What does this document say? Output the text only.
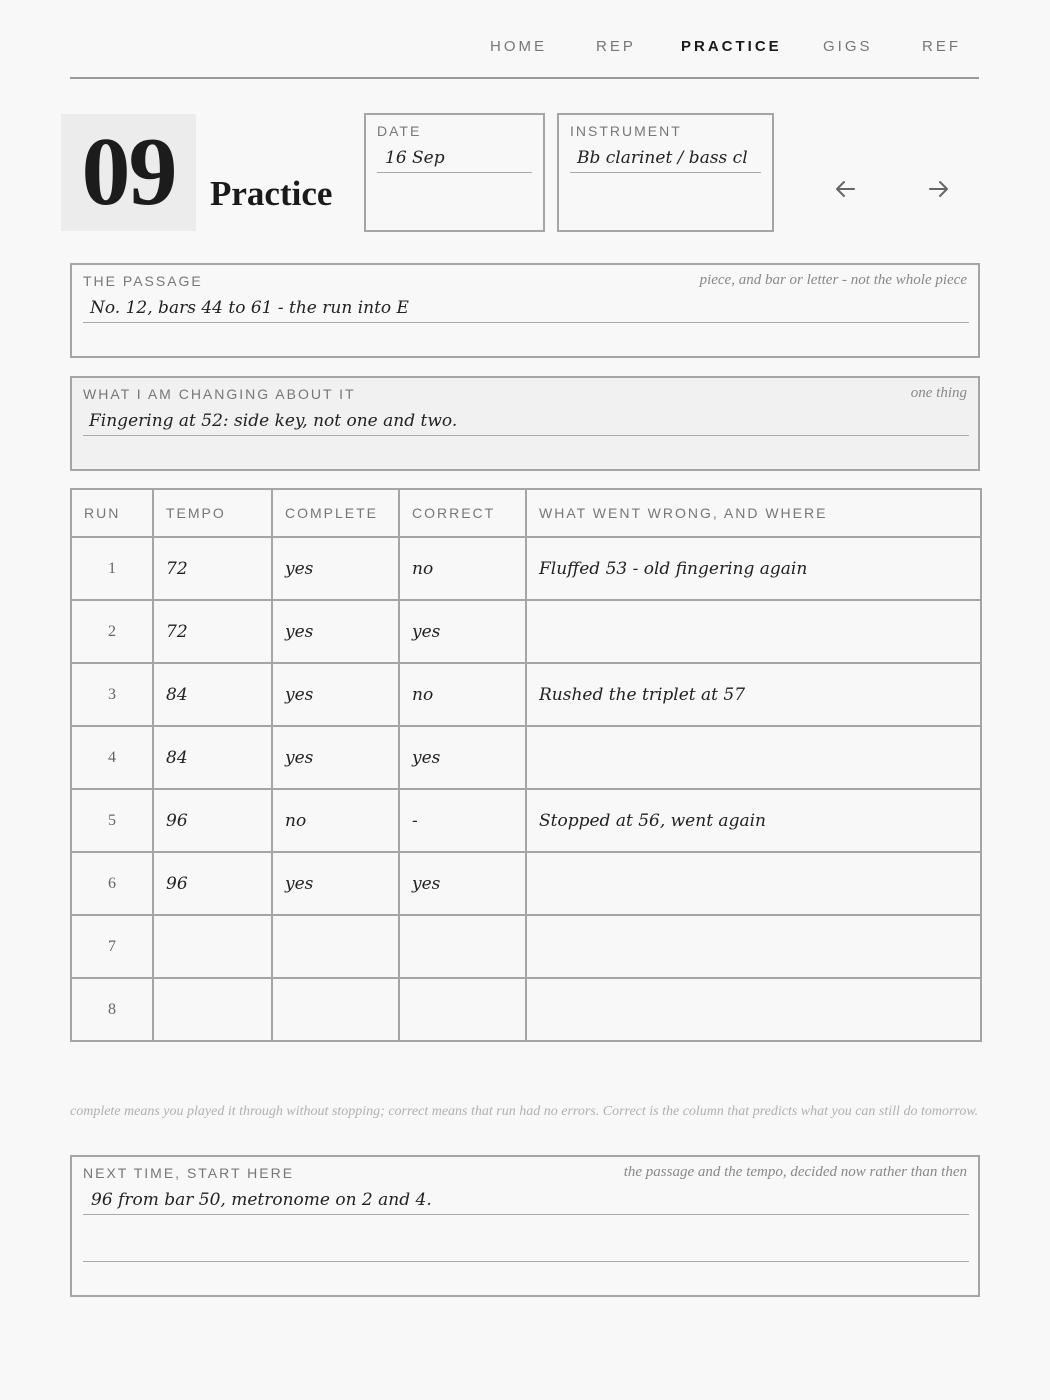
HOME	REP	PRACTICE	GIGS	REF
09 Practice
DATE
16 Sep
INSTRUMENT
Bb clarinet / bass cl
THE PASSAGE	piece, and bar or letter - not the whole piece
No. 12, bars 44 to 61 - the run into E
WHAT I AM CHANGING ABOUT IT	one thing
Fingering at 52: side key, not one and two.
RUN	TEMPO	COMPLETE	CORRECT	WHAT WENT WRONG, AND WHERE
1	72	yes	no	Fluffed 53 - old fingering again
2	72	yes	yes	
3	84	yes	no	Rushed the triplet at 57
4	84	yes	yes	
5	96	no	-	Stopped at 56, went again
6	96	yes	yes	
7				
8				
complete means you played it through without stopping; correct means that run had no errors. Correct is the column that predicts what you can still do tomorrow.
NEXT TIME, START HERE	the passage and the tempo, decided now rather than then
96 from bar 50, metronome on 2 and 4.
